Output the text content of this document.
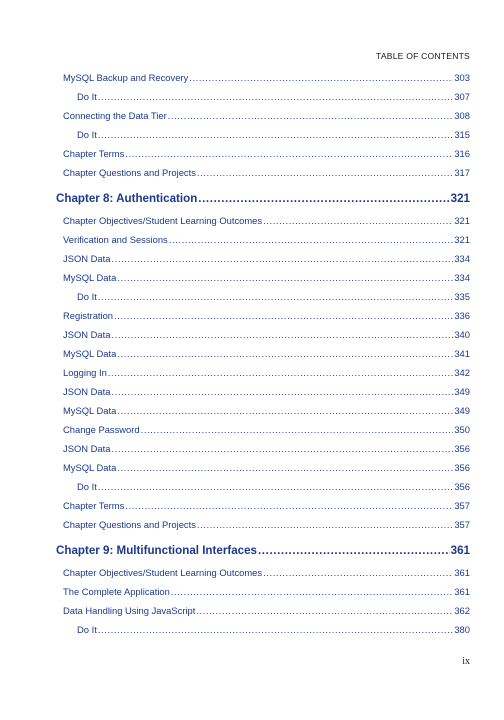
TABLE OF CONTENTS
MySQL Backup and Recovery .....	303
Do It .....	307
Connecting the Data Tier .....	308
Do It .....	315
Chapter Terms .....	316
Chapter Questions and Projects .....	317
Chapter 8: Authentication .....	321
Chapter Objectives/Student Learning Outcomes .....	321
Verification and Sessions .....	321
JSON Data .....	334
MySQL Data .....	334
Do It .....	335
Registration .....	336
JSON Data .....	340
MySQL Data .....	341
Logging In .....	342
JSON Data .....	349
MySQL Data .....	349
Change Password .....	350
JSON Data .....	356
MySQL Data .....	356
Do It .....	356
Chapter Terms .....	357
Chapter Questions and Projects .....	357
Chapter 9: Multifunctional Interfaces .....	361
Chapter Objectives/Student Learning Outcomes .....	361
The Complete Application .....	361
Data Handling Using JavaScript .....	362
Do It .....	380
ix
